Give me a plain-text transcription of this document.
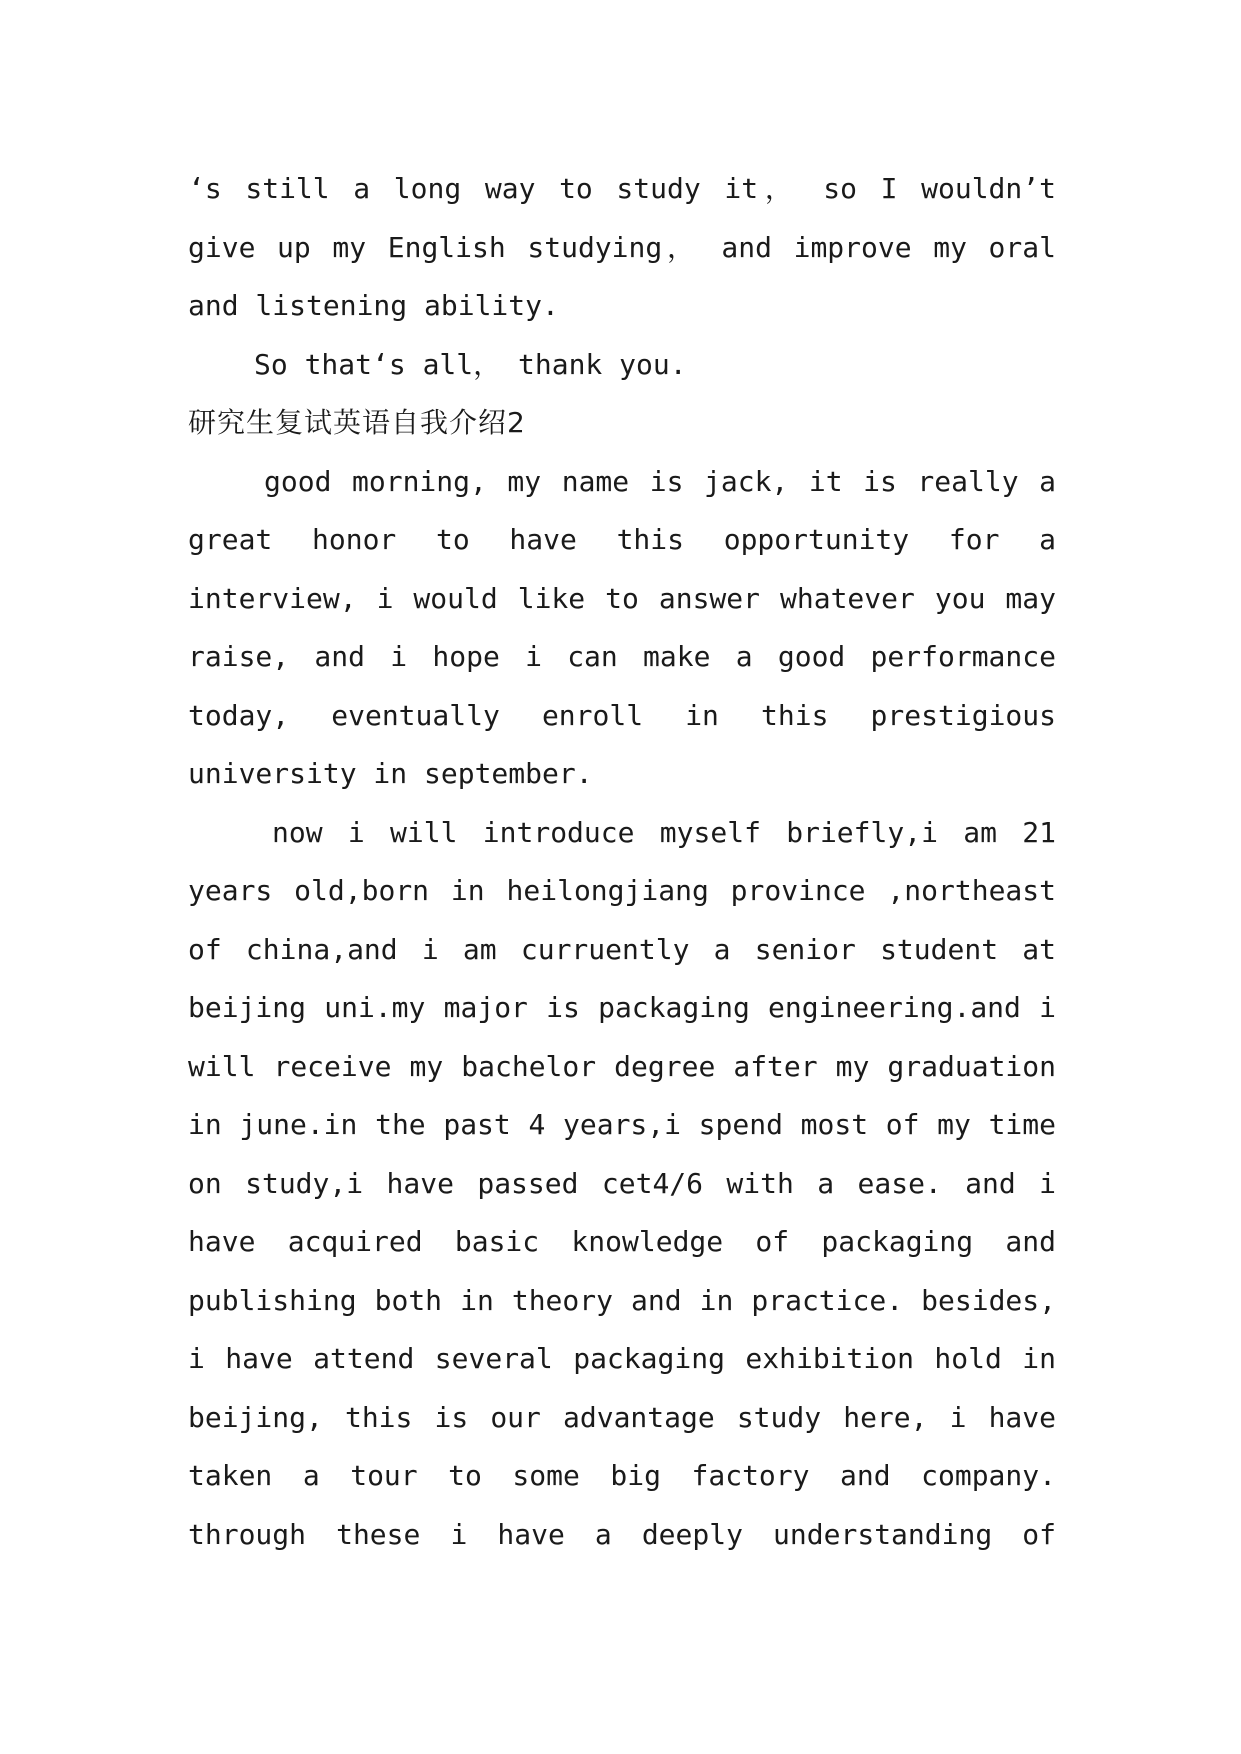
‘s still a long way to study it， so I wouldn’t
give up my English studying， and improve my oral
and listening ability.
So that‘s all， thank you.
研究生复试英语自我介绍2
good morning, my name is jack, it is really a
great honor to have this opportunity for a
interview, i would like to answer whatever you may
raise, and i hope i can make a good performance
today, eventually enroll in this prestigious
university in september.
now i will introduce myself briefly,i am 21
years old,born in heilongjiang province ,northeast
of china,and i am curruently a senior student at
beijing uni.my major is packaging engineering.and i
will receive my bachelor degree after my graduation
in june.in the past 4 years,i spend most of my time
on study,i have passed cet4/6 with a ease. and i
have acquired basic knowledge of packaging and
publishing both in theory and in practice. besides,
i have attend several packaging exhibition hold in
beijing, this is our advantage study here, i have
taken a tour to some big factory and company.
through these i have a deeply understanding of
